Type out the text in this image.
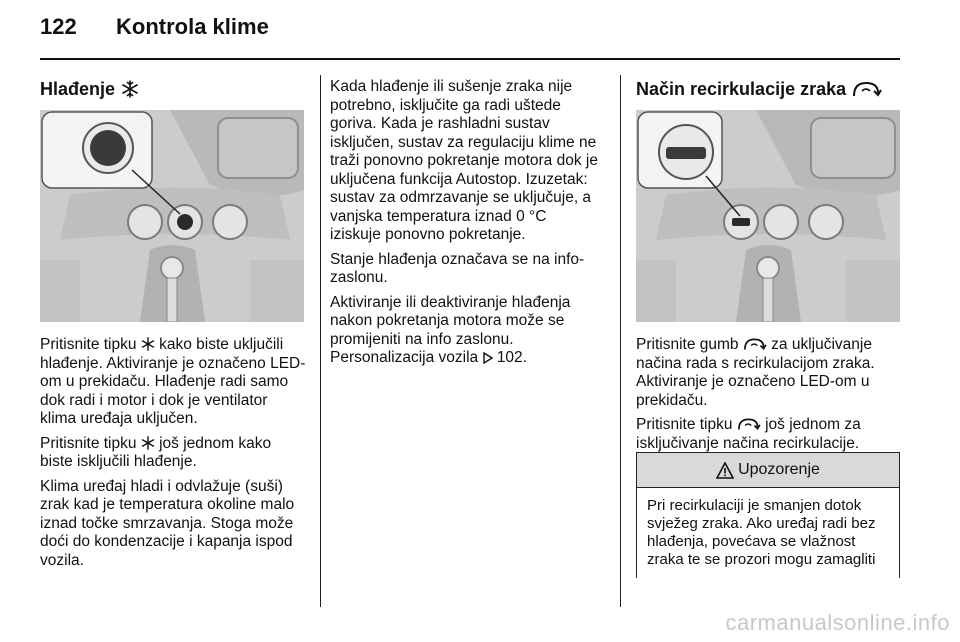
122 Kontrola klime
Hlađenje

Pritisnite tipku kako biste uključili hlađenje. Aktiviranje je označeno LED-om u prekidaču. Hlađenje radi samo dok radi i motor i dok je ventilator klima uređaja uključen.

Pritisnite tipku još jednom kako biste isključili hlađenje.

Klima uređaj hladi i odvlažuje (suši) zrak kad je temperatura okoline malo iznad točke smrzavanja. Stoga može doći do kondenzacije i kapanja ispod vozila.

Kada hlađenje ili sušenje zraka nije potrebno, isključite ga radi uštede goriva. Kada je rashladni sustav isključen, sustav za regulaciju klime ne traži ponovno pokretanje motora dok je uključena funkcija Autostop. Izuzetak: sustav za odmrzavanje se uključuje, a vanjska temperatura iznad 0 °C iziskuje ponovno pokretanje.

Stanje hlađenja označava se na info-zaslonu.

Aktiviranje ili deaktiviranje hlađenja nakon pokretanja motora može se promijeniti na info zaslonu. Personalizacija vozila 102.

Način recirkulacije zraka

Pritisnite gumb za uključivanje načina rada s recirkulacijom zraka. Aktiviranje je označeno LED-om u prekidaču.

Pritisnite tipku još jednom za isključivanje načina recirkulacije.

Upozorenje
Pri recirkulaciji je smanjen dotok svježeg zraka. Ako uređaj radi bez hlađenja, povećava se vlažnost zraka te se prozori mogu zamagliti
carmanualsonline.info
